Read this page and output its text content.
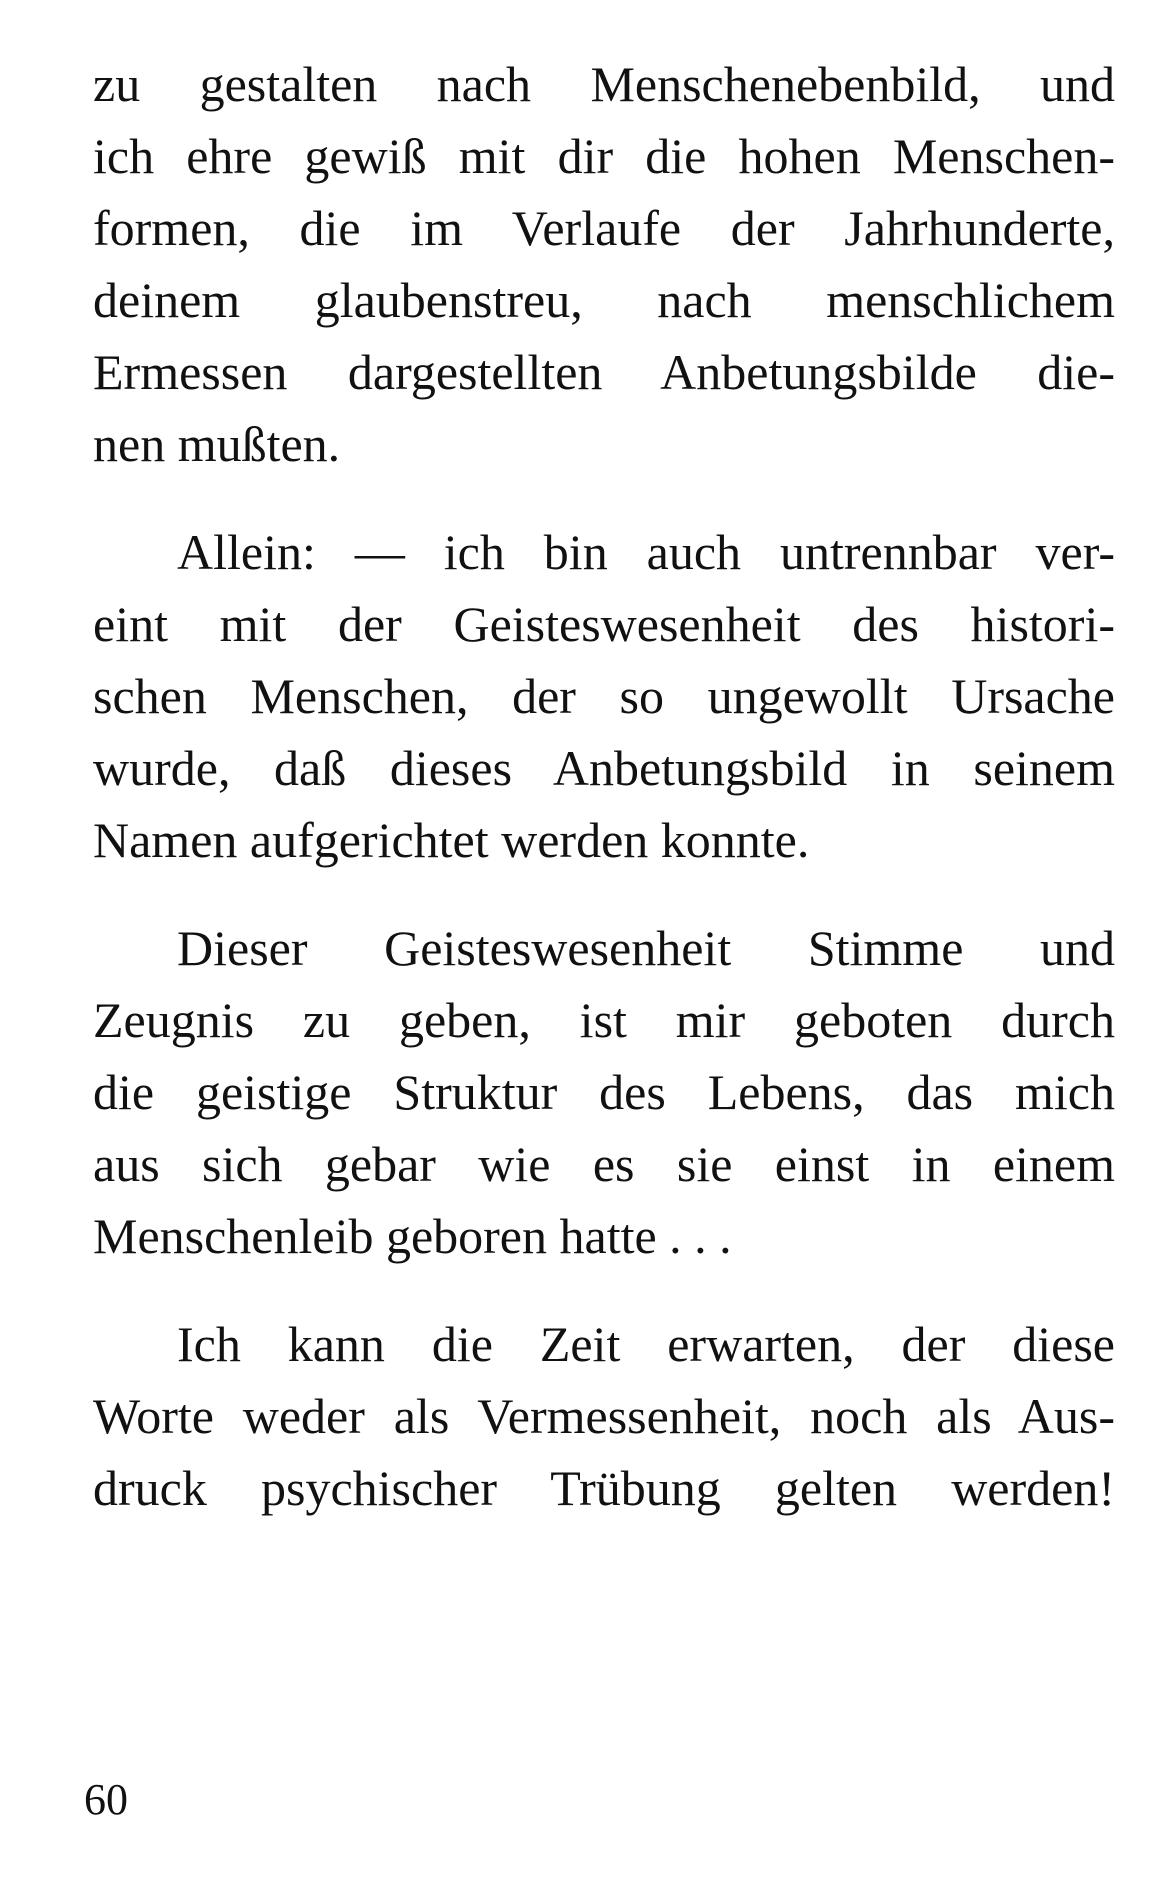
zu gestalten nach Menschenebenbild, und
ich ehre gewiß mit dir die hohen Menschen-
formen, die im Verlaufe der Jahrhunderte,
deinem glaubenstreu, nach menschlichem
Ermessen dargestellten Anbetungsbilde die-
nen mußten.

Allein: — ich bin auch untrennbar ver-
eint mit der Geisteswesenheit des histori-
schen Menschen, der so ungewollt Ursache
wurde, daß dieses Anbetungsbild in seinem
Namen aufgerichtet werden konnte.

Dieser Geisteswesenheit Stimme und
Zeugnis zu geben, ist mir geboten durch
die geistige Struktur des Lebens, das mich
aus sich gebar wie es sie einst in einem
Menschenleib geboren hatte . . .

Ich kann die Zeit erwarten, der diese
Worte weder als Vermessenheit, noch als Aus-
druck psychischer Trübung gelten werden!

60
